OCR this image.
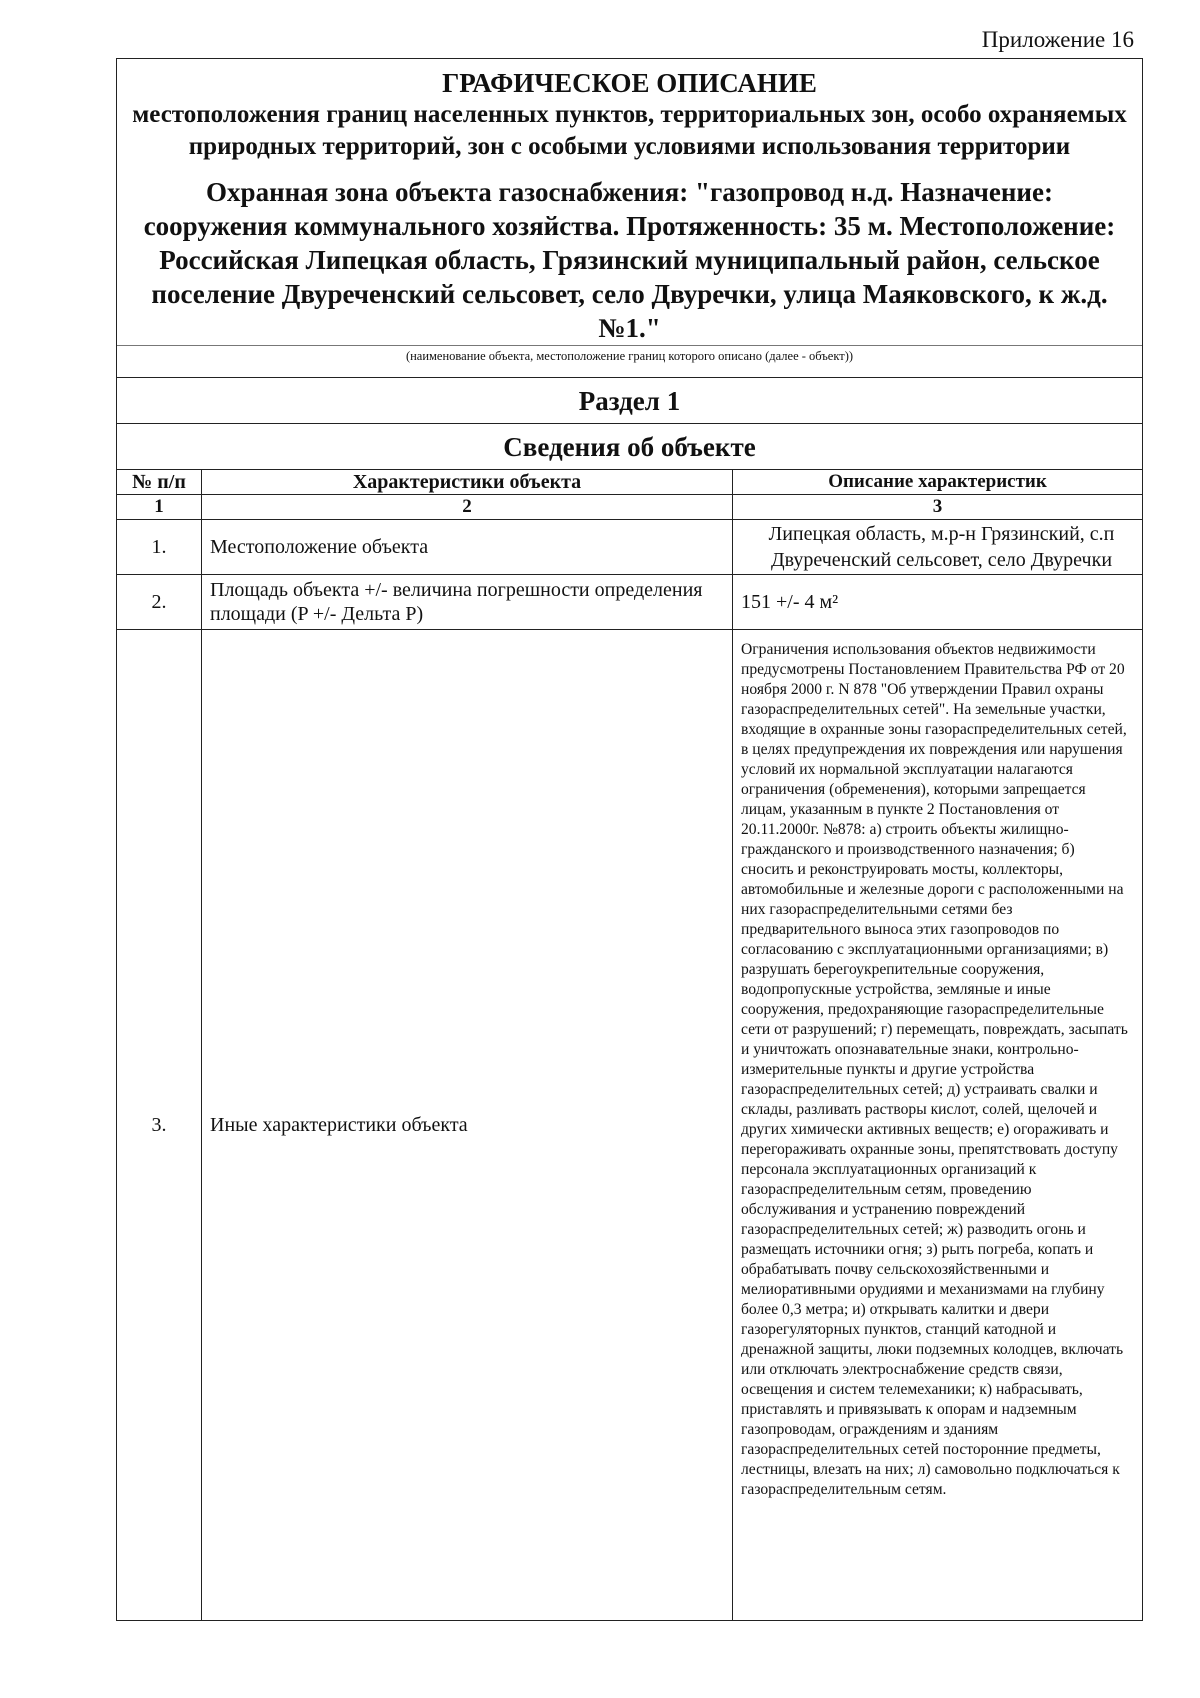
Приложение 16
ГРАФИЧЕСКОЕ ОПИСАНИЕ
местоположения границ населенных пунктов, территориальных зон, особо охраняемых природных территорий, зон с особыми условиями использования территории
Охранная зона объекта газоснабжения: "газопровод н.д. Назначение: сооружения коммунального хозяйства. Протяженность: 35 м. Местоположение: Российская Липецкая область, Грязинский муниципальный район, сельское поселение Двуреченский сельсовет, село Двуречки, улица Маяковского, к ж.д.№1."
(наименование объекта, местоположение границ которого описано (далее - объект))
Раздел 1
Сведения об объекте
№ п/п	Характеристики объекта	Описание характеристик
1	2	3
1.	Местоположение объекта	Липецкая область, м.р-н Грязинский, с.п Двуреченский сельсовет, село Двуречки
2.	Площадь объекта +/- величина погрешности определения площади (P +/- Дельта P)	151 +/- 4 м²
3.	Иные характеристики объекта	Ограничения использования объектов недвижимости предусмотрены Постановлением Правительства РФ от 20 ноября 2000 г. N 878 "Об утверждении Правил охраны газораспределительных сетей". На земельные участки, входящие в охранные зоны газораспределительных сетей, в целях предупреждения их повреждения или нарушения условий их нормальной эксплуатации налагаются ограничения (обременения), которыми запрещается лицам, указанным в пункте 2 Постановления от 20.11.2000г. №878: а) строить объекты жилищно-гражданского и производственного назначения; б) сносить и реконструировать мосты, коллекторы, автомобильные и железные дороги с расположенными на них газораспределительными сетями без предварительного выноса этих газопроводов по согласованию с эксплуатационными организациями; в) разрушать берегоукрепительные сооружения, водопропускные устройства, земляные и иные сооружения, предохраняющие газораспределительные сети от разрушений; г) перемещать, повреждать, засыпать и уничтожать опознавательные знаки, контрольно-измерительные пункты и другие устройства газораспределительных сетей; д) устраивать свалки и склады, разливать растворы кислот, солей, щелочей и других химически активных веществ; е) огораживать и перегораживать охранные зоны, препятствовать доступу персонала эксплуатационных организаций к газораспределительным сетям, проведению обслуживания и устранению повреждений газораспределительных сетей; ж) разводить огонь и размещать источники огня; з) рыть погреба, копать и обрабатывать почву сельскохозяйственными и мелиоративными орудиями и механизмами на глубину более 0,3 метра; и) открывать калитки и двери газорегуляторных пунктов, станций катодной и дренажной защиты, люки подземных колодцев, включать или отключать электроснабжение средств связи, освещения и систем телемеханики; к) набрасывать, приставлять и привязывать к опорам и надземным газопроводам, ограждениям и зданиям газораспределительных сетей посторонние предметы, лестницы, влезать на них; л) самовольно подключаться к газораспределительным сетям.
